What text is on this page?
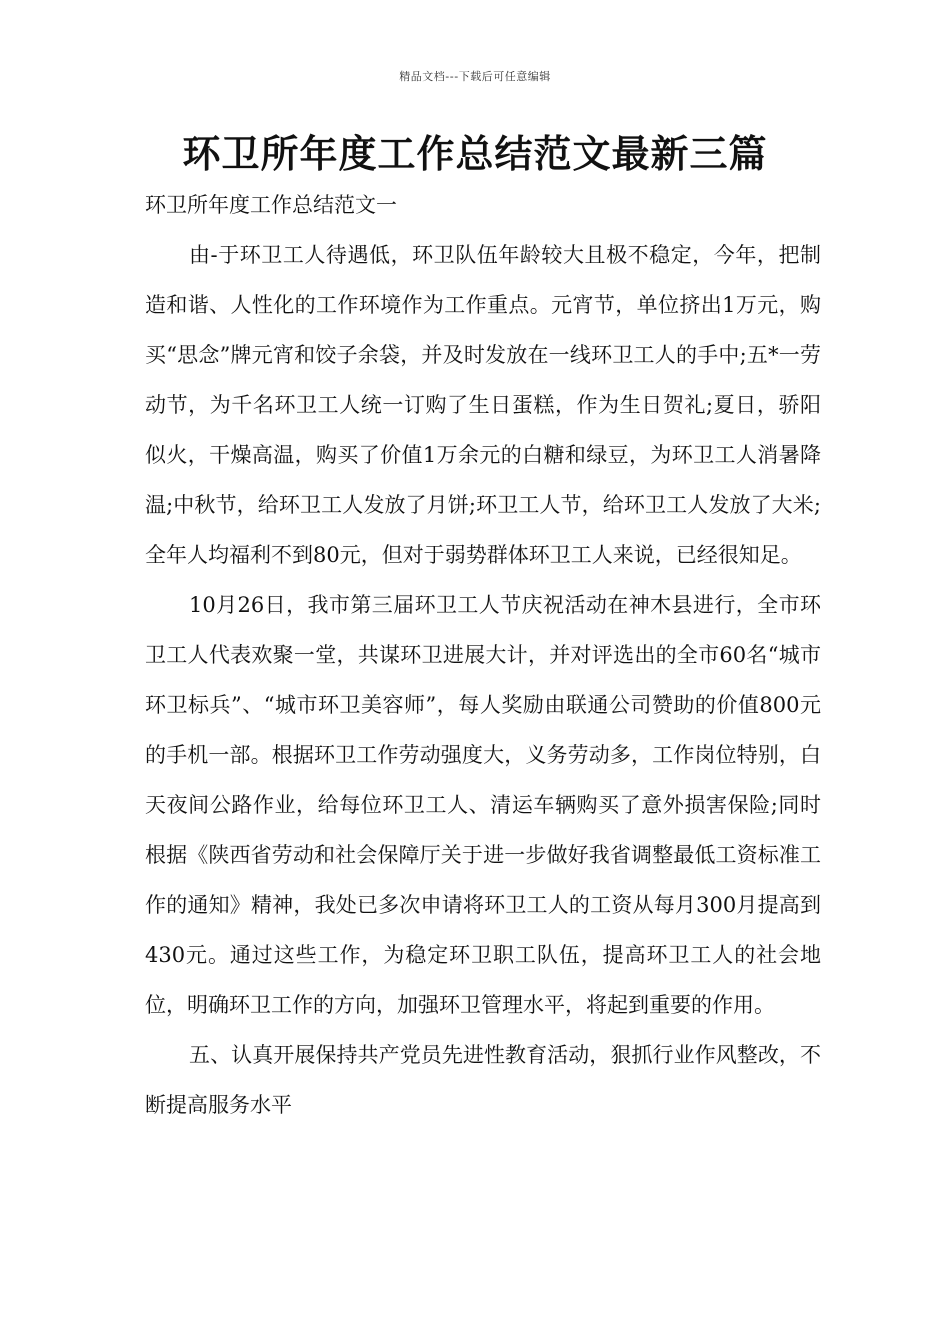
精品文档---下载后可任意编辑
环卫所年度工作总结范文最新三篇

环卫所年度工作总结范文一

由-于环卫工人待遇低，环卫队伍年龄较大且极不稳定，今年，把制造和谐、人性化的工作环境作为工作重点。元宵节，单位挤出1万元，购买“思念”牌元宵和饺子余袋，并及时发放在一线环卫工人的手中;五*一劳动节，为千名环卫工人统一订购了生日蛋糕，作为生日贺礼;夏日，骄阳似火，干燥高温，购买了价值1万余元的白糖和绿豆，为环卫工人消暑降温;中秋节，给环卫工人发放了月饼;环卫工人节，给环卫工人发放了大米;全年人均福利不到80元，但对于弱势群体环卫工人来说，已经很知足。

10月26日，我市第三届环卫工人节庆祝活动在神木县进行，全市环卫工人代表欢聚一堂，共谋环卫进展大计，并对评选出的全市60名“城市环卫标兵”、“城市环卫美容师”，每人奖励由联通公司赞助的价值800元的手机一部。根据环卫工作劳动强度大，义务劳动多，工作岗位特别，白天夜间公路作业，给每位环卫工人、清运车辆购买了意外损害保险;同时根据《陕西省劳动和社会保障厅关于进一步做好我省调整最低工资标准工作的通知》精神，我处已多次申请将环卫工人的工资从每月300月提高到430元。通过这些工作，为稳定环卫职工队伍，提高环卫工人的社会地位，明确环卫工作的方向，加强环卫管理水平，将起到重要的作用。

五、认真开展保持共产党员先进性教育活动，狠抓行业作风整改，不断提高服务水平
